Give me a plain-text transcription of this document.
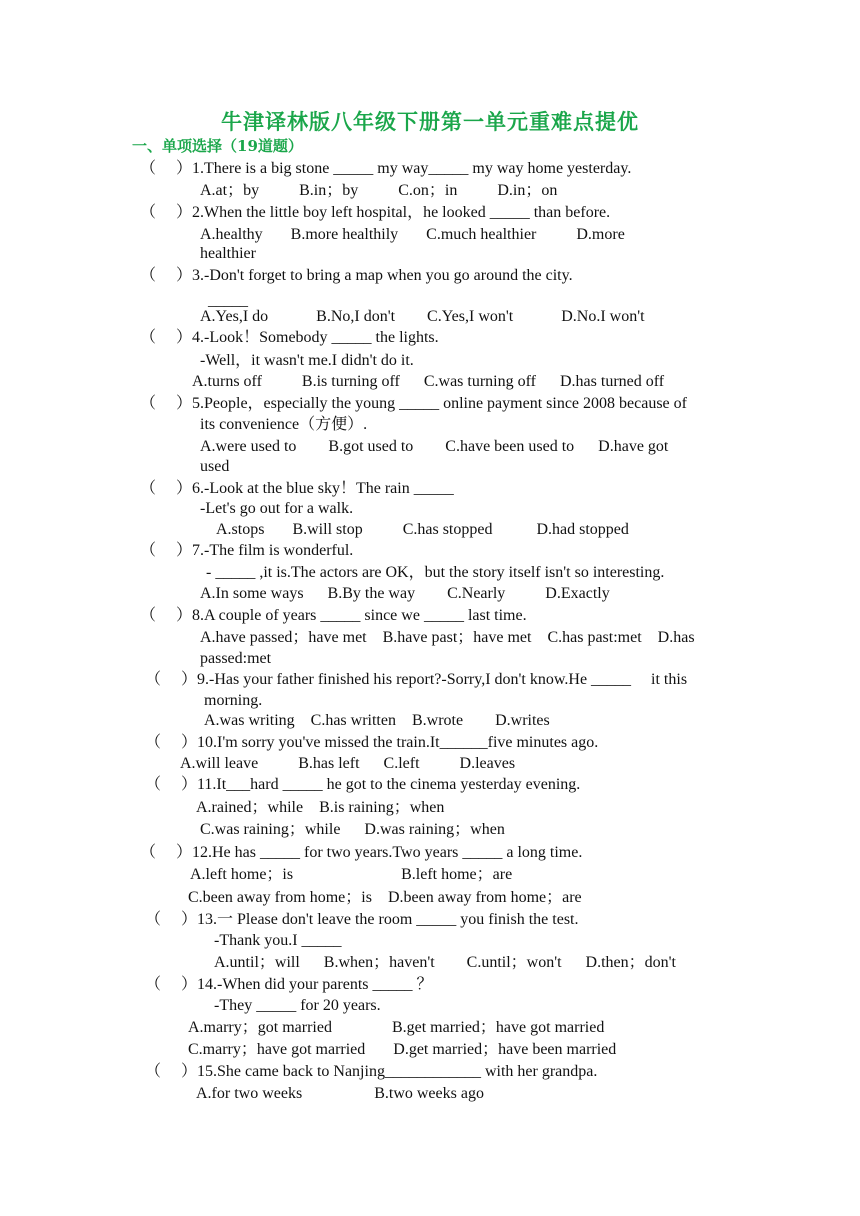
牛津译林版八年级下册第一单元重难点提优
一、单项选择（19道题）
（     ）1.There is a big stone _____ my way_____ my way home yesterday.
A.at；by          B.in；by          C.on；in          D.in；on
（     ）2.When the little boy left hospital，he looked _____ than before.
A.healthy       B.more healthily       C.much healthier          D.more
healthier
（     ）3.-Don't forget to bring a map when you go around the city.
_____
A.Yes,I do            B.No,I don't        C.Yes,I won't            D.No.I won't
（     ）4.-Look！Somebody _____ the lights.
-Well，it wasn't me.I didn't do it.
A.turns off          B.is turning off      C.was turning off      D.has turned off
（     ）5.People，especially the young _____ online payment since 2008 because of
its convenience（方便）.
A.were used to        B.got used to        C.have been used to      D.have got
used
（     ）6.-Look at the blue sky！The rain _____
-Let's go out for a walk.
A.stops       B.will stop          C.has stopped           D.had stopped
（     ）7.-The film is wonderful.
- _____ ,it is.The actors are OK，but the story itself isn't so interesting.
A.In some ways      B.By the way        C.Nearly          D.Exactly
（     ）8.A couple of years _____ since we _____ last time.
A.have passed；have met    B.have past；have met    C.has past:met    D.has
passed:met
（     ）9.-Has your father finished his report?-Sorry,I don't know.He _____     it this
morning.
A.was writing    C.has written    B.wrote        D.writes
（     ）10.I'm sorry you've missed the train.It______five minutes ago.
A.will leave          B.has left      C.left          D.leaves
（     ）11.It___hard _____ he got to the cinema yesterday evening.
A.rained；while    B.is raining；when
C.was raining；while      D.was raining；when
（     ）12.He has _____ for two years.Two years _____ a long time.
A.left home；is                           B.left home；are
C.been away from home；is    D.been away from home；are
（     ）13.一 Please don't leave the room _____ you finish the test.
-Thank you.I _____
A.until；will      B.when；haven't        C.until；won't      D.then；don't
（     ）14.-When did your parents _____ ？
-They _____ for 20 years.
A.marry；got married               B.get married；have got married
C.marry；have got married       D.get married；have been married
（     ）15.She came back to Nanjing____________ with her grandpa.
A.for two weeks                  B.two weeks ago
